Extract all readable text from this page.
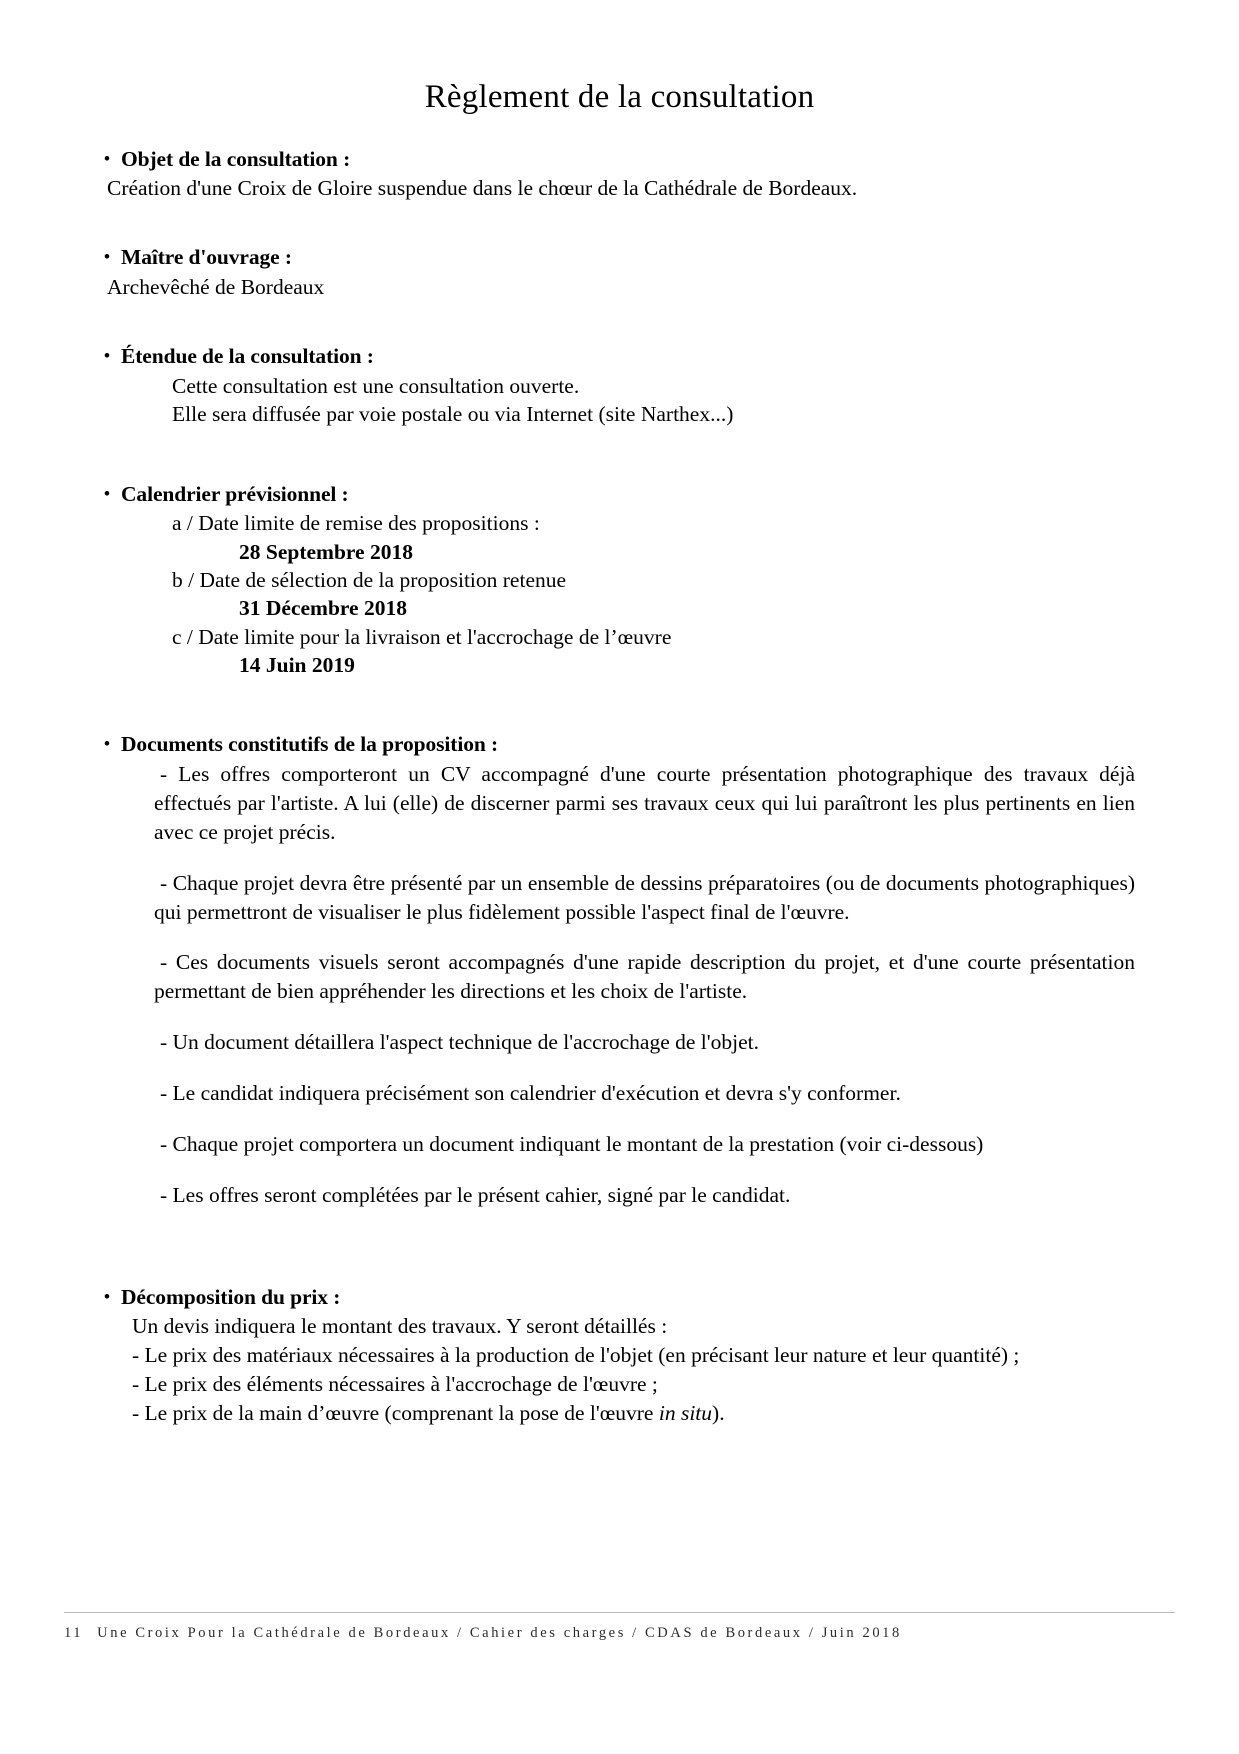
Règlement de la consultation
• Objet de la consultation :

Création d'une Croix de Gloire suspendue dans le chœur de la Cathédrale de Bordeaux.

• Maître d'ouvrage :

Archevêché de Bordeaux

• Étendue de la consultation :

Cette consultation est une consultation ouverte.

Elle sera diffusée par voie postale ou via Internet (site Narthex...)

• Calendrier prévisionnel :

a / Date limite de remise des propositions :

28 Septembre 2018

b / Date de sélection de la proposition retenue

31 Décembre 2018

c / Date limite pour la livraison et l'accrochage de l’œuvre

14 Juin 2019

• Documents constitutifs de la proposition :

- Les offres comporteront un CV accompagné d'une courte présentation photographique des travaux déjà effectués par l'artiste. A lui (elle) de discerner parmi ses travaux ceux qui lui paraîtront les plus pertinents en lien avec ce projet précis.

- Chaque projet devra être présenté par un ensemble de dessins préparatoires (ou de documents photographiques) qui permettront de visualiser le plus fidèlement possible l'aspect final de l'œuvre.

- Ces documents visuels seront accompagnés d'une rapide description du projet, et d'une courte présentation permettant de bien appréhender les directions et les choix de l'artiste.

- Un document détaillera l'aspect technique de l'accrochage de l'objet.

- Le candidat indiquera précisément son calendrier d'exécution et devra s'y conformer.

- Chaque projet comportera un document indiquant le montant de la prestation (voir ci-dessous)

- Les offres seront complétées par le présent cahier, signé par le candidat.

• Décomposition du prix :

Un devis indiquera le montant des travaux. Y seront détaillés :

- Le prix des matériaux nécessaires à la production de l'objet (en précisant leur nature et leur quantité) ;

- Le prix des éléments nécessaires à l'accrochage de l'œuvre ;

- Le prix de la main d’œuvre (comprenant la pose de l'œuvre in situ).

11 Une Croix Pour la Cathédrale de Bordeaux / Cahier des charges / CDAS de Bordeaux / Juin 2018
